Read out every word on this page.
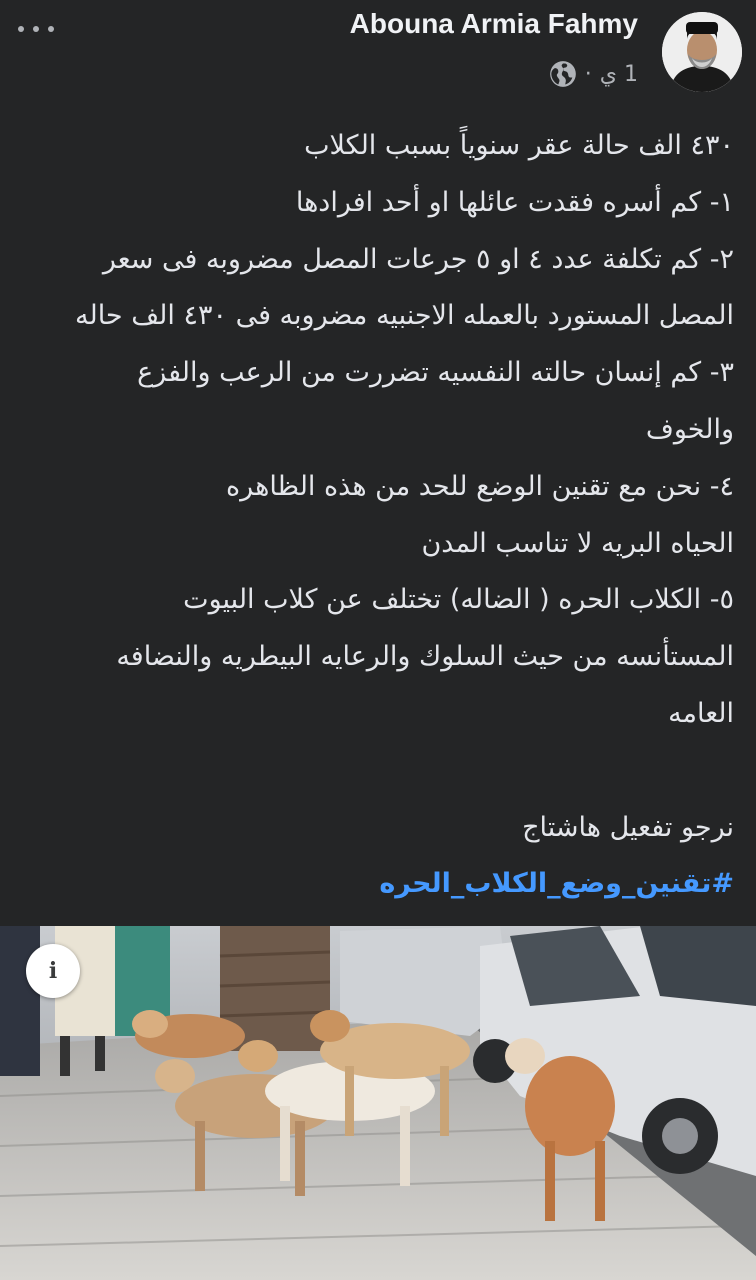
Abouna Armia Fahmy
1 ي
·
٤٣٠ الف حالة عقر سنوياً بسبب الكلاب
١- كم أسره فقدت عائلها او أحد افرادها
٢- كم تكلفة عدد ٤ او ٥ جرعات المصل مضروبه فى سعر
المصل المستورد بالعمله الاجنبيه مضروبه فى ٤٣٠ الف حاله
٣- كم إنسان حالته النفسيه تضررت من الرعب والفزع
والخوف
٤- نحن مع تقنين الوضع للحد من هذه الظاهره
الحياه البريه لا تناسب المدن
٥- الكلاب الحره ( الضاله) تختلف عن كلاب البيوت
المستأنسه من حيث السلوك والرعايه البيطريه والنضافه
العامه
نرجو تفعيل هاشتاج
#تقنين_وضع_الكلاب_الحره
i
